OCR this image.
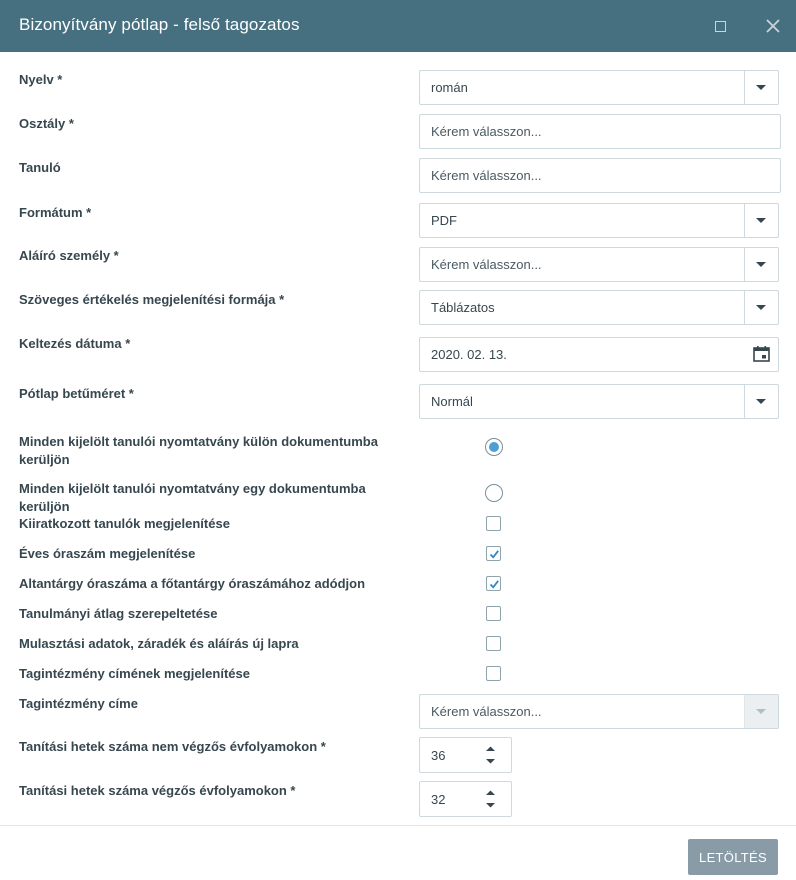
Bizonyítvány pótlap - felső tagozatos
Nyelv *
román
Osztály *
Kérem válasszon...
Tanuló
Kérem válasszon...
Formátum *
PDF
Aláíró személy *
Kérem válasszon...
Szöveges értékelés megjelenítési formája *
Táblázatos
Keltezés dátuma *
2020. 02. 13.
Pótlap betűméret *
Normál
Minden kijelölt tanulói nyomtatvány külön dokumentumba kerüljön
Minden kijelölt tanulói nyomtatvány egy dokumentumba kerüljön
Kiiratkozott tanulók megjelenítése
Éves óraszám megjelenítése
Altantárgy óraszáma a főtantárgy óraszámához adódjon
Tanulmányi átlag szerepeltetése
Mulasztási adatok, záradék és aláírás új lapra
Tagintézmény címének megjelenítése
Tagintézmény címe
Kérem válasszon...
Tanítási hetek száma nem végzős évfolyamokon *
36
Tanítási hetek száma végzős évfolyamokon *
32
LETÖLTÉS
